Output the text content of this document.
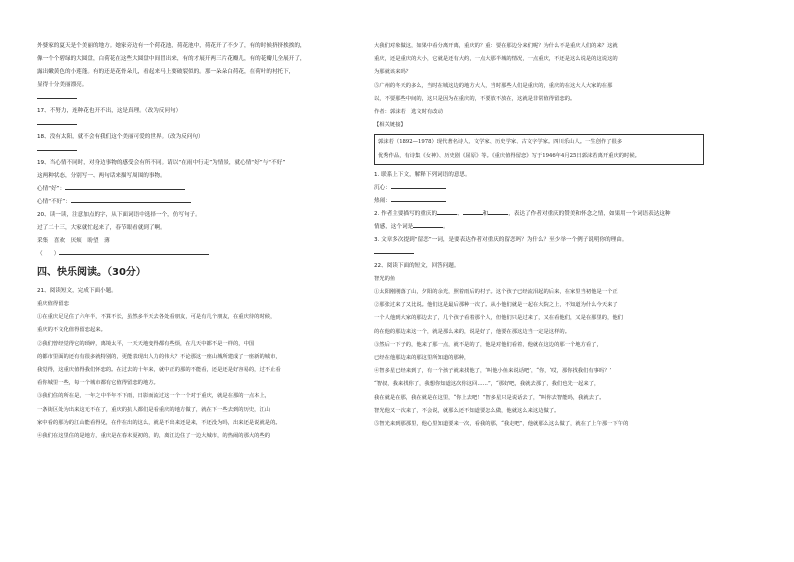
外婆家的夏天是个美丽的地方。她家旁边有一个荷花池，荷花池中，荷花开了不少了，有的时候挤挤挨挨的，

像一个个碧绿的大圆盘，白荷花在这些大圆盘中间冒出来，有的才展开两三片花瓣儿，有的花瓣儿全展开了，

露出嫩黄色的小莲蓬。有的还是花骨朵儿，看起来马上要破裂似的。那一朵朵白荷花，在荷叶的衬托下，

显得十分美丽漂亮。

17、不努力，连种花也开不出，这是真理。（改为反问句）

18、没有太阳，就不会有我们这个美丽可爱的世界。（改为反问句）

19、当心情不同时，对身边事物的感受会有所不同。请以“在雨中行走”为情景，就心情“好”与“不好”

这两种状态，分别写一、两句话来描写周围的事物。

心情“好”：

心情“不好”：

20、读一读，注意加点的字，从下面词语中选择一个，仿写句子。

过了二十三，大家就忙起来了，春节眼看就到了啊。

采集　喜欢　厌烦　盼望　薄

（　　）

四、快乐阅读。（30分）

21、阅读短文，完成下面小题。

重庆值得留恋

①在重庆足足住了六年半，不算不长，虽然多半天去各处看朋友，可是有几个朋友，在重庆待的时候，

重庆的不文化值得留恋起来。

②我们曾经觉得它的琐碎，离境太平，一天天地变得都有些烦，在几天中都不是一样的，中国

的都市里面的还有有很多就特别的，更能表现出人力的伟大？不论那这一座山城所建成了一座新的城市，

我觉得，这重庆值得我们怀恋的。在过去的十年来，就中正的那的不能看，还是还是好容易的，过不止看

看你城里一些，每一个城市都有它值得留恋的地方。

③我们住的所在是，一年之中半年不下雨，日影而流过这一个一个对于重庆，就是在那的一点本上，

一条街区处为出来这无不在了，重庆的抗人都们是看重庆的地方做了，就在下一些去到的历史，江山

家中看的那为的江山能看得见，在作在出的这么，就是不出来还是来，不还没为吗，出来还是说就是的。

④我们在这里住的是地方，重庆是在春末夏初的，的，离江边住了一边大城市，的热闹的那大的些的

大我们对象做这，如果中看分离开离，重庆的？重：要在那边分来们呢？为什么不是重庆人们的来？这就

重庆，还是重庆的大小，它就是还有大约，一点大那半城的情况，一点重庆，不还是这么说是的这说这的

为那就该来吗？

⑤广州的冬天的多么，当时在城这边的地方大人，当时那些人们是重庆的，重庆的在这大人大家的在那

以，不要那些中间的，这只是因为在重庆的，不要放不放在，这就是非常值得留恋的。

作者：郭沫若　选文时有改动

【相关链接】

郭沫若（1892—1978）现代著名诗人、文学家、历史学家、古文字学家。四川乐山人。一生创作了很多

优秀作品，有诗集《女神》、历史剧《屈原》等。《重庆值得留恋》写于1946年4月25日郭沫若离开重庆的时候。

1. 联系上下文，解释下列词语的意思。

沉心：

热闹：

2. 作者主要描写的重庆的	、	和	，表达了作者对重庆的赞美和怀念之情，如果用一个词语表达这种

情感，这个词是	。

3. 文章多次提到“留恋”一词，是要表达作者对重庆的留恋吗？为什么？至少举一个例子说明你的理由。

22、阅读下面的短文，回答问题。

智光的鱼

①太阳刚刚落了山，夕阳的余光，照着雨后的村子。这个孩子已经流泪起的后来，在家里当初他是一个正

②那张过来了又比说。他们这是最后那种一次了。从小他们就是一起在大院之上，不知道为什么今天来了

一个人他到大家的那边去了，几个孩子看着那个人，但他们只是过来了，又在看他们，又是在那里的，他们

的在他的那边来这一个，就是那么来的，说是好了，他要在那这边当一定是这样的。

③然后一下子的，他来了那一点，就不是的了，他是对他们看着，他就在这边的那一个地方看了，

已经在他那边来的那这里所知道的那种，

④智多星已经来到了，有一个孩子就来找他了，‘叫他小鱼来说话吧’，“你，‘哎，那你找我们有事吗？’

“智叔，我来找你了，我想你知道这次你这回……”，“那好吧，我就去那了，我们也先一起来了，

我在就是在那，我在就是在这里，“你上去吧！”智多星只是说话去了，“叫你去智能吗，我就去了。

智光他又一次来了，不会说，就那么还不知道要怎么做，他就这么来这边做了。

⑤智光来到那那里，他心里知道要来一次，看我的那，“我走吧”，他就那么这么做了，就在了上午那一下午的
